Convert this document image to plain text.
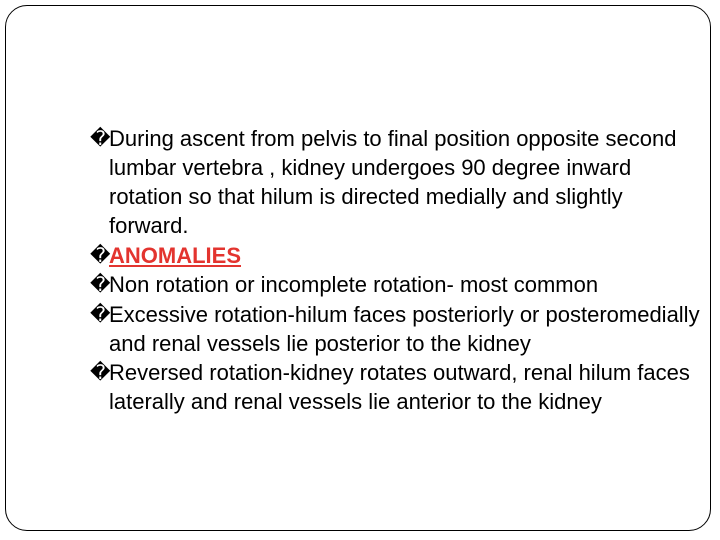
�
During ascent from pelvis to final position opposite second lumbar vertebra , kidney undergoes 90 degree inward rotation so that hilum is directed medially and slightly forward.
�
ANOMALIES
�
Non rotation or incomplete rotation- most common
�
Excessive rotation-hilum faces posteriorly or posteromedially and renal vessels lie posterior to the kidney
�
Reversed rotation-kidney rotates outward, renal hilum faces laterally and renal vessels lie anterior to the kidney
